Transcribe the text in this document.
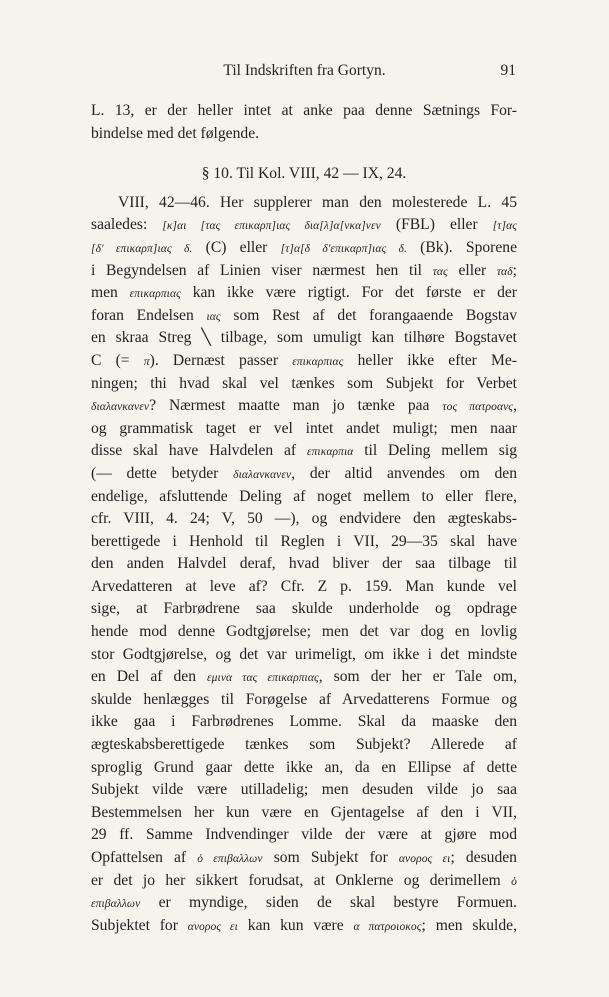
Til Indskriften fra Gortyn.	91
L. 13, er der heller intet at anke paa denne Sætnings For-
bindelse med det følgende.
§ 10. Til Kol. VIII, 42 — IX, 24.
VIII, 42—46. Her supplerer man den molesterede L. 45
saaledes: [κ]αι [τας επικαρπ]ιας δια[λ]α[νκα]νεν (FBL) eller [τ]ας
[δ' επικαρπ]ιας δ. (C) eller [τ]α[δ δ'επικαρπ]ιας δ. (Bk). Sporene
i Begyndelsen af Linien viser nærmest hen til τας eller ταδ;
men επικαρπιας kan ikke være rigtigt. For det første er der
foran Endelsen ιας som Rest af det forangaaende Bogstav
en skraa Streg ╲ tilbage, som umuligt kan tilhøre Bogstavet
C (= π). Dernæst passer επικαρπιας heller ikke efter Me-
ningen; thi hvad skal vel tænkes som Subjekt for Verbet
διαλανκανεν? Nærmest maatte man jo tænke paa τος πατροανς,
og grammatisk taget er vel intet andet muligt; men naar
disse skal have Halvdelen af επικαρπια til Deling mellem sig
(— dette betyder διαλανκανεν, der altid anvendes om den
endelige, afsluttende Deling af noget mellem to eller flere,
cfr. VIII, 4. 24; V, 50 —), og endvidere den ægteskabs-
berettigede i Henhold til Reglen i VII, 29—35 skal have
den anden Halvdel deraf, hvad bliver der saa tilbage til
Arvedatteren at leve af? Cfr. Z p. 159. Man kunde vel
sige, at Farbrødrene saa skulde underholde og opdrage
hende mod denne Godtgjørelse; men det var dog en lovlig
stor Godtgjørelse, og det var urimeligt, om ikke i det mindste
en Del af den εμινα τας επικαρπιας, som der her er Tale om,
skulde henlægges til Forøgelse af Arvedatterens Formue og
ikke gaa i Farbrødrenes Lomme. Skal da maaske den
ægteskabsberettigede tænkes som Subjekt? Allerede af
sproglig Grund gaar dette ikke an, da en Ellipse af dette
Subjekt vilde være utilladelig; men desuden vilde jo saa
Bestemmelsen her kun være en Gjentagelse af den i VII,
29 ff. Samme Indvendinger vilde der være at gjøre mod
Opfattelsen af ὁ επιβαλλων som Subjekt for ανορος ει; desuden
er det jo her sikkert forudsat, at Onklerne og derimellem ὁ
επιβαλλων er myndige, siden de skal bestyre Formuen.
Subjektet for ανορος ει kan kun være α πατροιοκος; men skulde,
